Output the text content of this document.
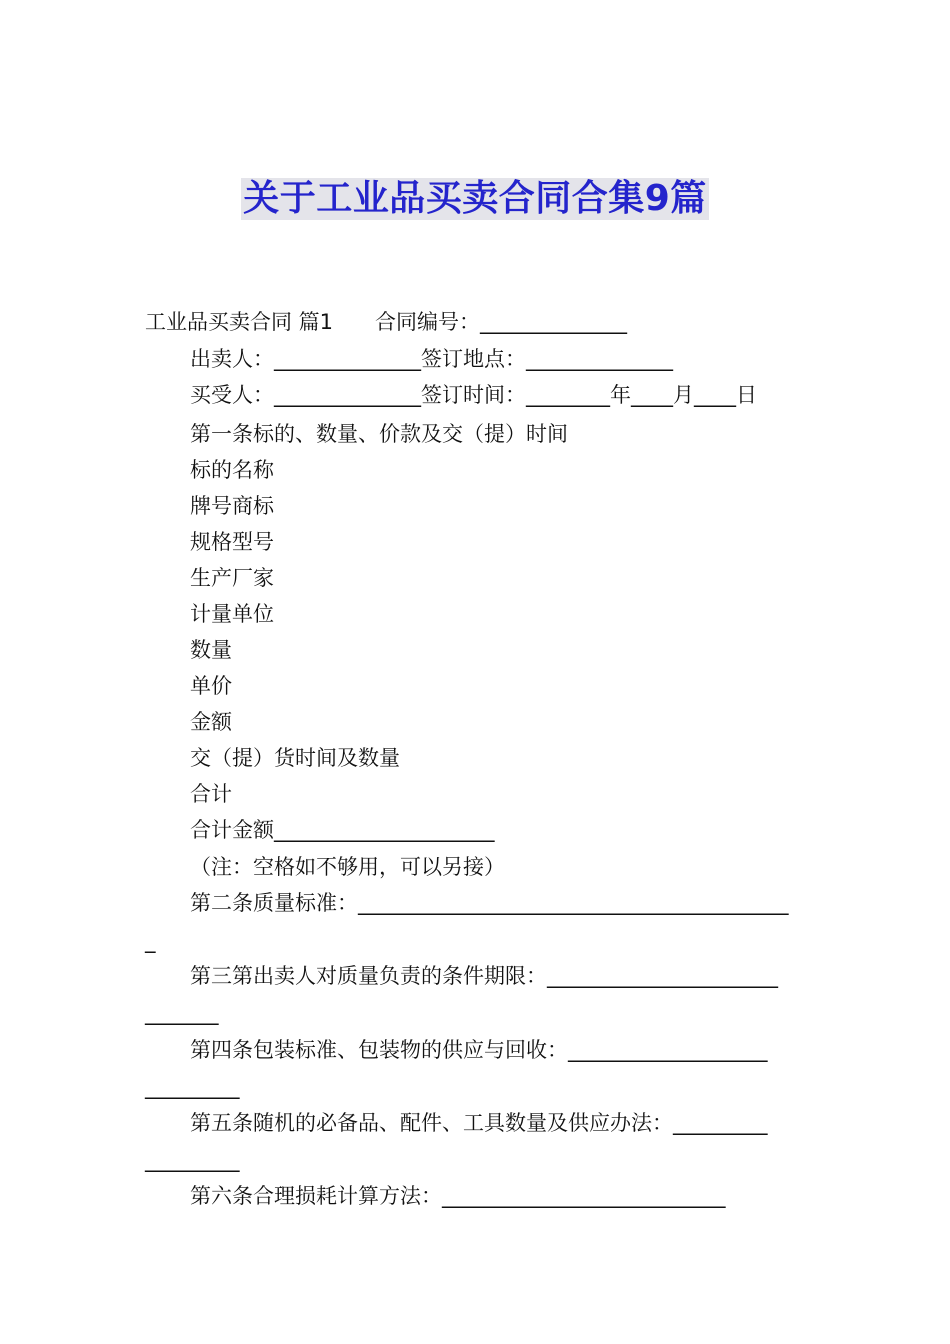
关于工业品买卖合同合集9篇
工业品买卖合同 篇1　　合同编号：______________
出卖人：______________签订地点：______________
买受人：______________签订时间：________年____月____日
第一条标的、数量、价款及交（提）时间
标的名称
牌号商标
规格型号
生产厂家
计量单位
数量
单价
金额
交（提）货时间及数量
合计
合计金额_____________________
（注：空格如不够用，可以另接）
第二条质量标准：_________________________________________
_
第三第出卖人对质量负责的条件期限：______________________
_______
第四条包装标准、包装物的供应与回收：___________________
_________
第五条随机的必备品、配件、工具数量及供应办法：_________
_________
第六条合理损耗计算方法：___________________________
